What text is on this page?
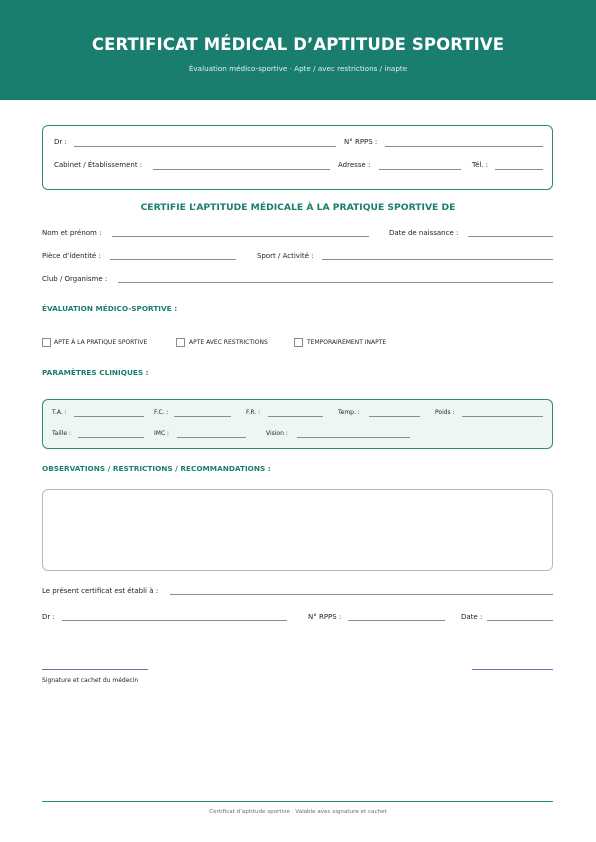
CERTIFICAT MÉDICAL D’APTITUDE SPORTIVE
Évaluation médico-sportive · Apte / avec restrictions / inapte
Dr :	N° RPPS :
Cabinet / Établissement :	Adresse :	Tél. :
CERTIFIE L’APTITUDE MÉDICALE À LA PRATIQUE SPORTIVE DE
Nom et prénom :	Date de naissance :
Pièce d’identité :	Sport / Activité :
Club / Organisme :
ÉVALUATION MÉDICO-SPORTIVE :
APTE À LA PRATIQUE SPORTIVE	APTE AVEC RESTRICTIONS	TEMPORAIREMENT INAPTE
PARAMÈTRES CLINIQUES :
T.A. :	F.C. :	F.R. :	Temp. :	Poids :
Taille :	IMC :	Vision :
OBSERVATIONS / RESTRICTIONS / RECOMMANDATIONS :
Le présent certificat est établi à :
Dr :	N° RPPS :	Date :
Signature et cachet du médecin
Certificat d’aptitude sportive · Valable avec signature et cachet
